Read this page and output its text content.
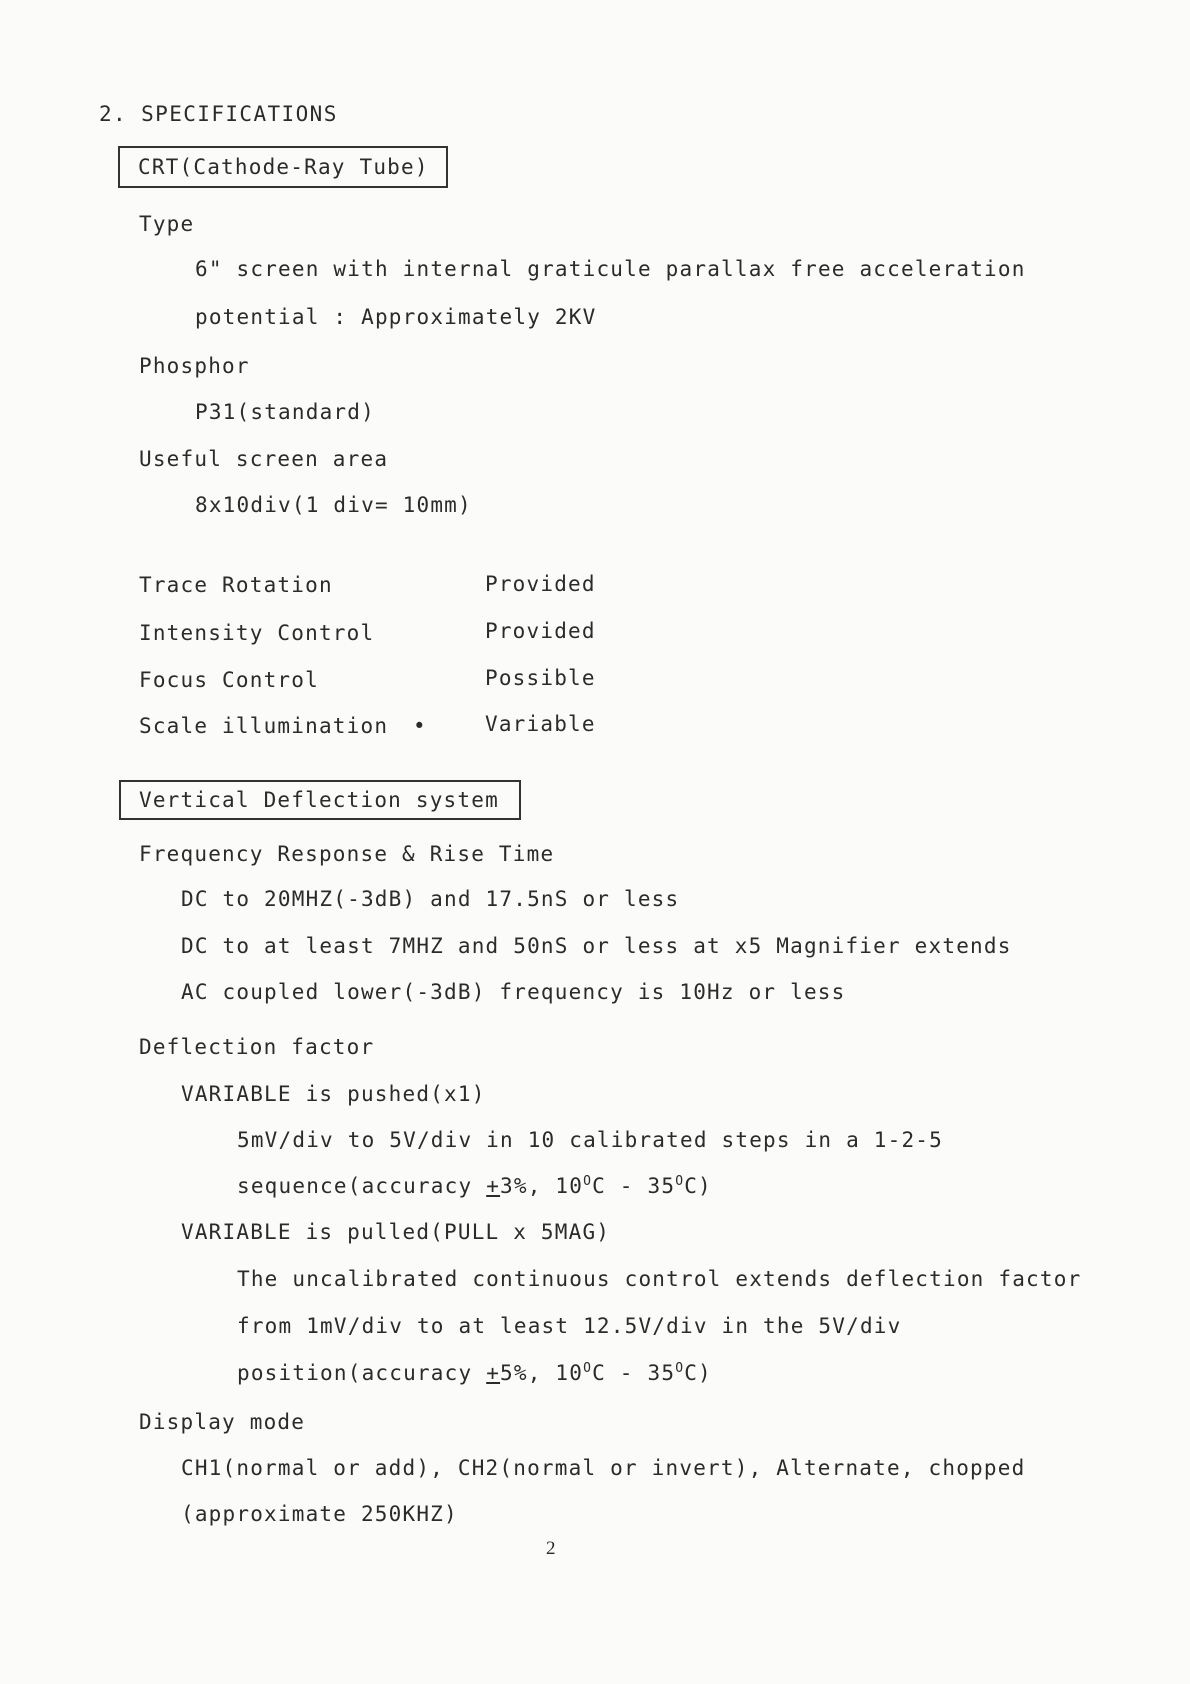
2. SPECIFICATIONS
CRT(Cathode-Ray Tube)
Type
6" screen with internal graticule parallax free acceleration
potential : Approximately 2KV
Phosphor
P31(standard)
Useful screen area
8x10div(1 div= 10mm)
Trace Rotation	Provided
Intensity Control	Provided
Focus Control	Possible
Scale illumination •	Variable
Vertical Deflection system
Frequency Response & Rise Time
DC to 20MHZ(-3dB) and 17.5nS or less
DC to at least 7MHZ and 50nS or less at x5 Magnifier extends
AC coupled lower(-3dB) frequency is 10Hz or less
Deflection factor
VARIABLE is pushed(x1)
5mV/div to 5V/div in 10 calibrated steps in a 1-2-5
sequence(accuracy +3%, $10^OC - 35^OC$)
VARIABLE is pulled(PULL x 5MAG)
The uncalibrated continuous control extends deflection factor
from 1mV/div to at least 12.5V/div in the 5V/div
position(accuracy +5%, $10^OC - 35^OC$)
Display mode
CH1(normal or add), CH2(normal or invert), Alternate, chopped
(approximate 250KHZ)
2
